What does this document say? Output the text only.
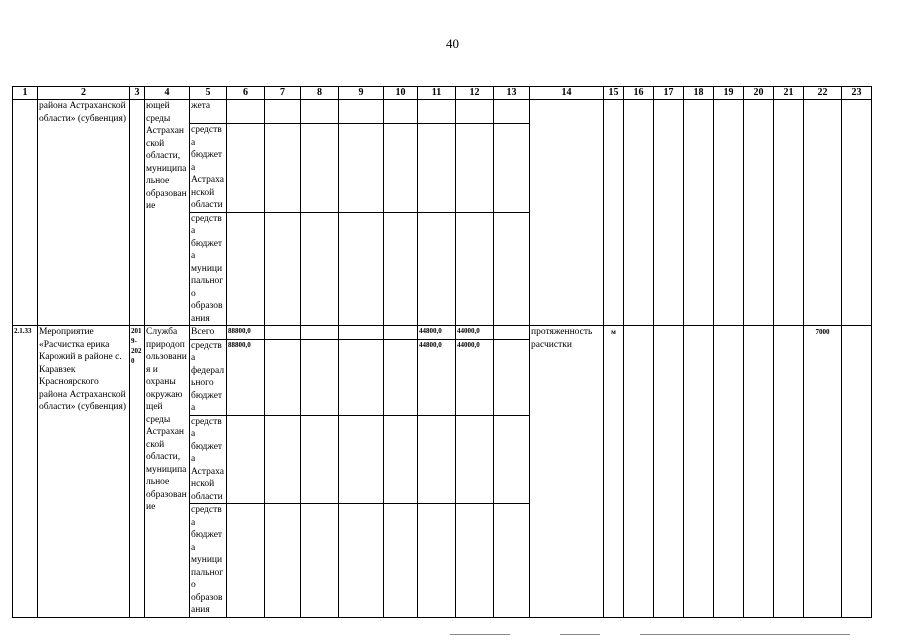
40
1	2	3	4	5	6	7	8	9	10	11	12	13	14	15	16	17	18	19	20	21	22	23
	района Астраханской области» (субвенция)		ющей среды Астраханской области, муниципальное образование	жета																		
				средства бюджета Астраханской области																		
				средства бюджета муниципального образования																		
2.1.33	Мероприятие «Расчистка ерика Карожий в районе с. Каравзек Красноярского района Астраханской области» (субвенция)	2019-2020	Служба природопользования и охраны окружающей среды Астраханской области, муниципальное образование	Всего	88800,0					44800,0	44000,0		протяженность расчистки	м							7000	
				средства федерального бюджета	88800,0					44800,0	44000,0											
				средства бюджета Астраханской области																		
				средства бюджета муниципального образования																		
